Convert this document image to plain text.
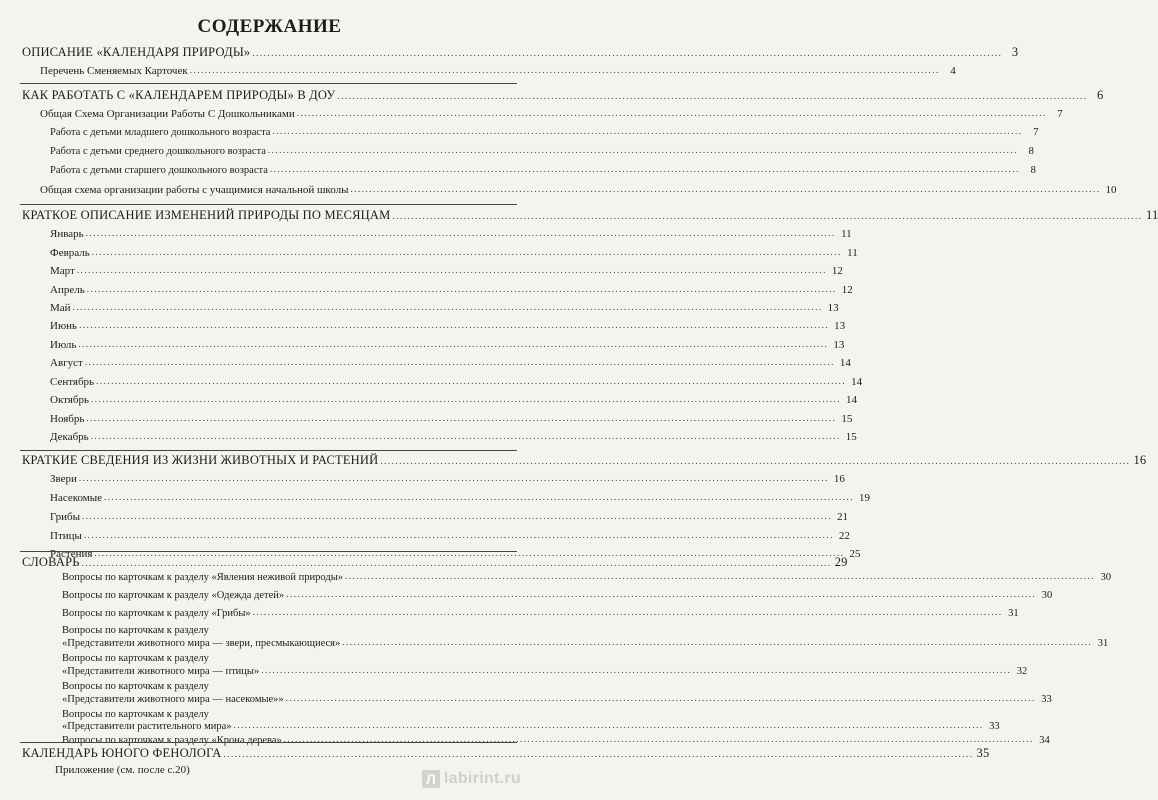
СОДЕРЖАНИЕ
ОПИСАНИЕ «КАЛЕНДАРЯ ПРИРОДЫ» ........................................................................................................................................................................................................ 3
Перечень Сменяемых Карточек ........................................................................................................................................................................................................ 4
КАК РАБОТАТЬ С «КАЛЕНДАРЕМ ПРИРОДЫ» В ДОУ ........................................................................................................................................................................................................ 6
Общая Схема Организации Работы С Дошкольниками ........................................................................................................................................................................................................ 7
Работа с детьми младшего дошкольного возраста ........................................................................................................................................................................................................	7
Работа с детьми среднего дошкольного возраста ........................................................................................................................................................................................................	8
Работа с детьми старшего дошкольного возраста ........................................................................................................................................................................................................	8
Общая схема организации работы с учащимися начальной школы ........................................................................................................................................................................................................ 10
КРАТКОЕ ОПИСАНИЕ ИЗМЕНЕНИЙ ПРИРОДЫ ПО МЕСЯЦАМ ........................................................................................................................................................................................................ 11
Январь ........................................................................................................................................................................................................ 11
Февраль ........................................................................................................................................................................................................ 11
Март ........................................................................................................................................................................................................ 12
Апрель ........................................................................................................................................................................................................ 12
Май ........................................................................................................................................................................................................ 13
Июнь ........................................................................................................................................................................................................ 13
Июль ........................................................................................................................................................................................................ 13
Август ........................................................................................................................................................................................................ 14
Сентябрь ........................................................................................................................................................................................................ 14
Октябрь ........................................................................................................................................................................................................ 14
Ноябрь ........................................................................................................................................................................................................ 15
Декабрь ........................................................................................................................................................................................................ 15
КРАТКИЕ СВЕДЕНИЯ ИЗ ЖИЗНИ ЖИВОТНЫХ И РАСТЕНИЙ ........................................................................................................................................................................................................ 16
Звери ........................................................................................................................................................................................................ 16
Насекомые ........................................................................................................................................................................................................ 19
Грибы ........................................................................................................................................................................................................ 21
Птицы ........................................................................................................................................................................................................ 22
Растения ........................................................................................................................................................................................................ 25
СЛОВАРЬ ........................................................................................................................................................................................................ 29
Вопросы по карточкам к разделу «Явления неживой природы» ........................................................................................................................................................................................................ 30
Вопросы по карточкам к разделу «Одежда детей» ........................................................................................................................................................................................................ 30
Вопросы по карточкам к разделу «Грибы» ........................................................................................................................................................................................................ 31
Вопросы по карточкам к разделу
«Представители животного мира — звери, пресмыкающиеся» ........................................................................................................................................................................................................ 31
Вопросы по карточкам к разделу
«Представители животного мира — птицы» ........................................................................................................................................................................................................ 32
Вопросы по карточкам к разделу
«Представители животного мира — насекомые»» ........................................................................................................................................................................................................ 33
Вопросы по карточкам к разделу
«Представители растительного мира» ........................................................................................................................................................................................................ 33
Вопросы по карточкам к разделу «Крона дерева» ........................................................................................................................................................................................................ 34
КАЛЕНДАРЬ ЮНОГО ФЕНОЛОГА ........................................................................................................................................................................................................ 35
Приложение (см. после с.20)
Л labirint.ru
